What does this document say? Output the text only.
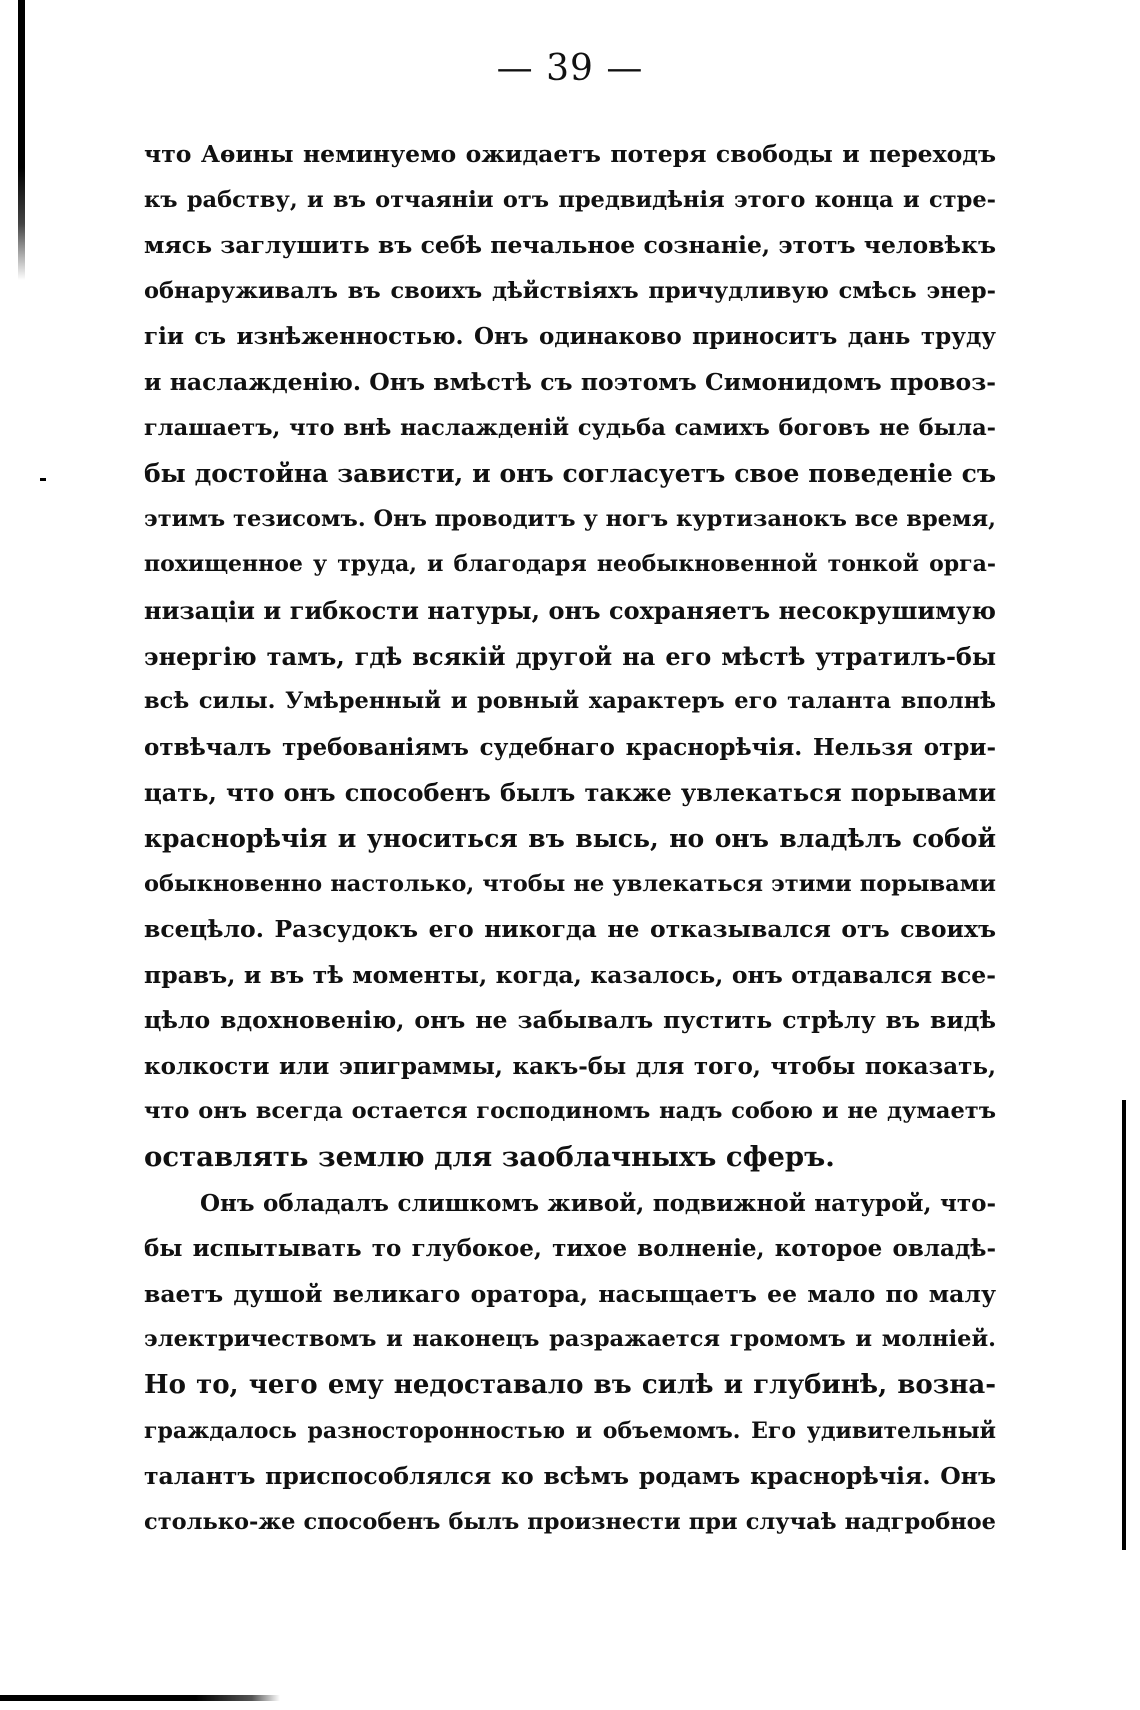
— 39 —
что Аѳины неминуемо ожидаетъ потеря свободы и переходъ
къ рабству, и въ отчаяніи отъ предвидѣнія этого конца и стре-
мясь заглушить въ себѣ печальное сознаніе, этотъ человѣкъ
обнаруживалъ въ своихъ дѣйствіяхъ причудливую смѣсь энер-
гіи съ изнѣженностью. Онъ одинаково приноситъ дань труду
и наслажденію. Онъ вмѣстѣ съ поэтомъ Симонидомъ провоз-
глашаетъ, что внѣ наслажденій судьба самихъ боговъ не была-
бы достойна зависти, и онъ согласуетъ свое поведеніе съ
этимъ тезисомъ. Онъ проводитъ у ногъ куртизанокъ все время,
похищенное у труда, и благодаря необыкновенной тонкой орга-
низаціи и гибкости натуры, онъ сохраняетъ несокрушимую
энергію тамъ, гдѣ всякій другой на его мѣстѣ утратилъ-бы
всѣ силы. Умѣренный и ровный характеръ его таланта вполнѣ
отвѣчалъ требованіямъ судебнаго краснорѣчія. Нельзя отри-
цать, что онъ способенъ былъ также увлекаться порывами
краснорѣчія и уноситься въ высь, но онъ владѣлъ собой
обыкновенно настолько, чтобы не увлекаться этими порывами
всецѣло. Разсудокъ его никогда не отказывался отъ своихъ
правъ, и въ тѣ моменты, когда, казалось, онъ отдавался все-
цѣло вдохновенію, онъ не забывалъ пустить стрѣлу въ видѣ
колкости или эпиграммы, какъ-бы для того, чтобы показать,
что онъ всегда остается господиномъ надъ собою и не думаетъ
оставлять землю для заоблачныхъ сферъ.
Онъ обладалъ слишкомъ живой, подвижной натурой, что-
бы испытывать то глубокое, тихое волненіе, которое овладѣ-
ваетъ душой великаго оратора, насыщаетъ ее мало по малу
электричествомъ и наконецъ разражается громомъ и молніей.
Но то, чего ему недоставало въ силѣ и глубинѣ, возна-
граждалось разносторонностью и объемомъ. Его удивительный
талантъ приспособлялся ко всѣмъ родамъ краснорѣчія. Онъ
столько-же способенъ былъ произнести при случаѣ надгробное
